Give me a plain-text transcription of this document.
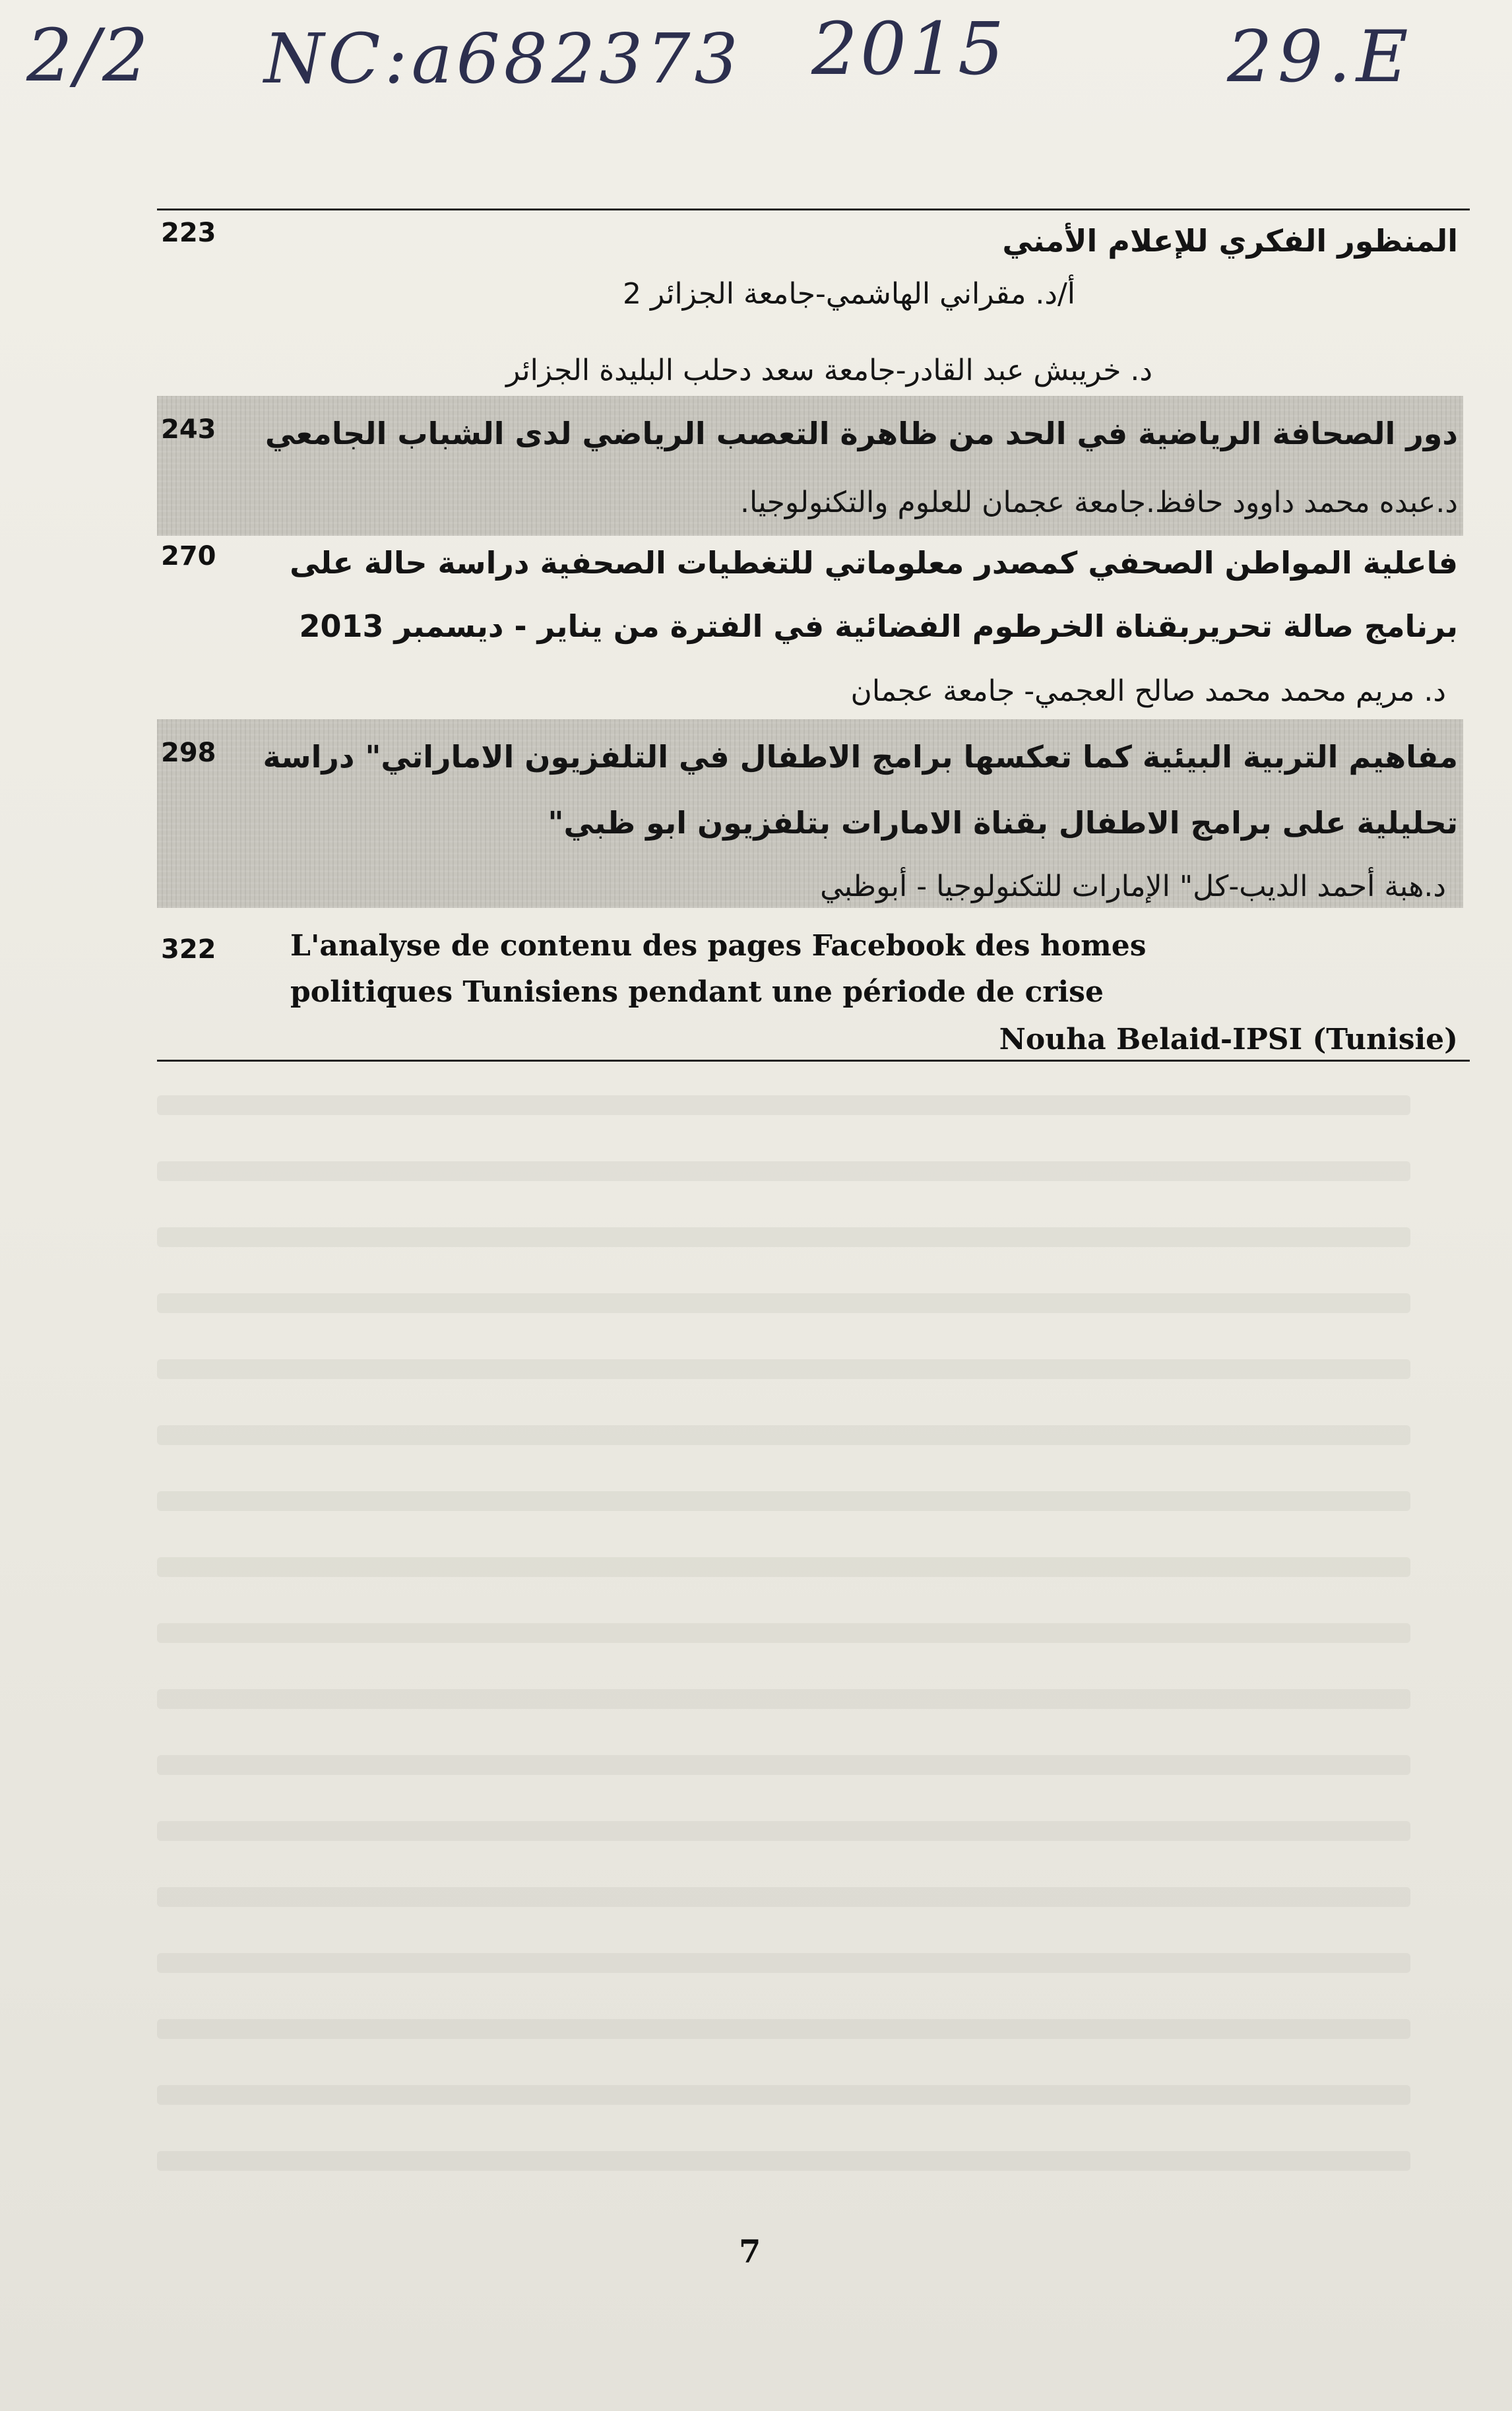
2/2 NC:a682373 2015	29.E
223	المنظور الفكري للإعلام الأمني
أ/د. مقراني الهاشمي-جامعة الجزائر 2
د. خريبش عبد القادر-جامعة سعد دحلب البليدة الجزائر
243 دور الصحافة الرياضية في الحد من ظاهرة التعصب الرياضي لدى الشباب الجامعي
د.عبده محمد داوود حافظ.جامعة عجمان للعلوم والتكنولوجيا.
270 فاعلية المواطن الصحفي كمصدر معلوماتي للتغطيات الصحفية دراسة حالة على
برنامج صالة تحريربقناة الخرطوم الفضائية في الفترة من يناير - ديسمبر 2013
د. مريم محمد محمد صالح العجمي- جامعة عجمان
298 مفاهيم التربية البيئية كما تعكسها برامج الاطفال في التلفزيون الاماراتي" دراسة
تحليلية على برامج الاطفال بقناة الامارات بتلفزيون ابو ظبي"
د.هبة أحمد الديب-كل" الإمارات للتكنولوجيا - أبوظبي
322	L'analyse de contenu des pages Facebook des homes
politiques Tunisiens pendant une période de crise
Nouha Belaid-IPSI (Tunisie)
7
